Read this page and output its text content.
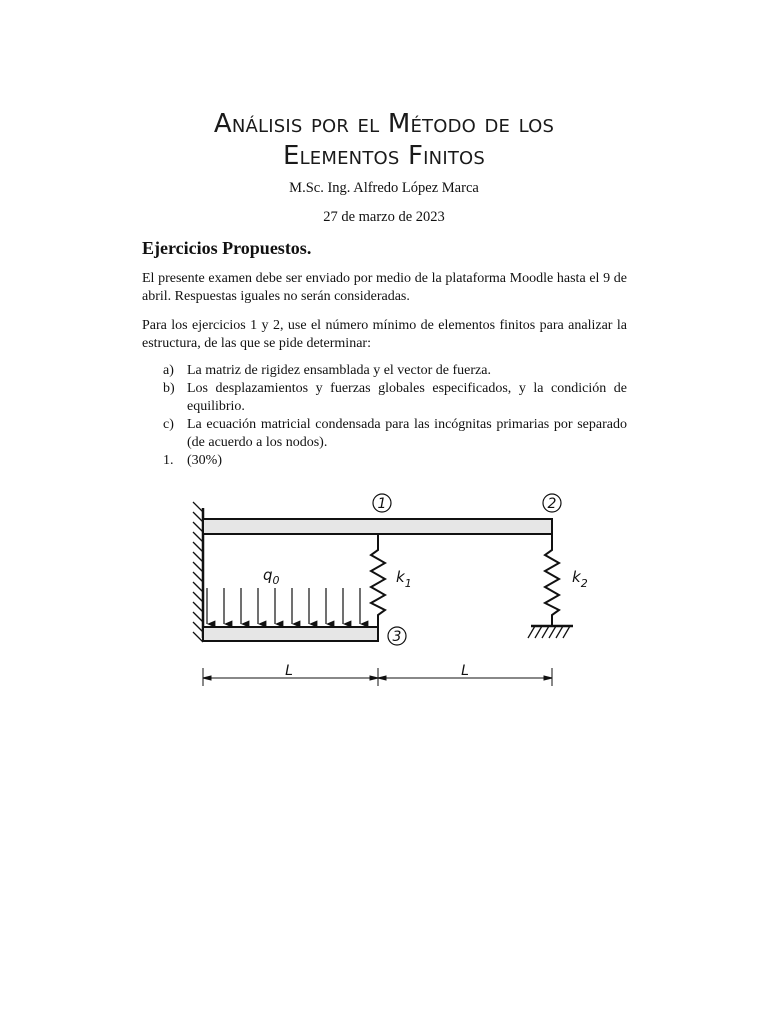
Análisis por el Método de los
Elementos Finitos
M.Sc. Ing. Alfredo López Marca
27 de marzo de 2023
Ejercicios Propuestos.
El presente examen debe ser enviado por medio de la plataforma Moodle hasta el 9 de abril. Respuestas iguales no serán consideradas.
Para los ejercicios 1 y 2, use el número mínimo de elementos finitos para analizar la estructura, de las que se pide determinar:
a) La matriz de rigidez ensamblada y el vector de fuerza.
b) Los desplazamientos y fuerzas globales especificados, y la condición de equilibrio.
c) La ecuación matricial condensada para las incógnitas primarias por separado (de acuerdo a los nodos).
1. (30%)
1	2
3
$q_0$	$k_1$	$k_2$
L	L
